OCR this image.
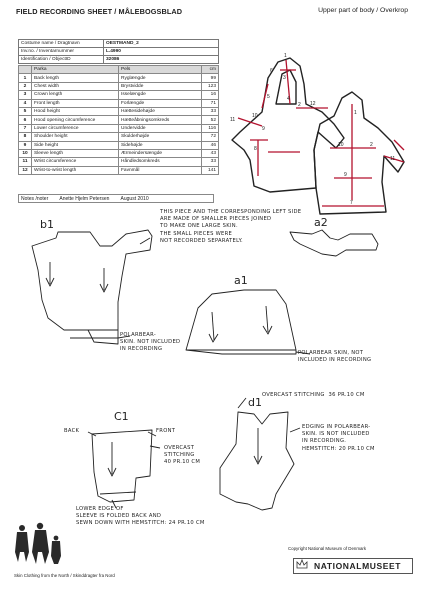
FIELD RECORDING SHEET / MÅLEBOGSBLAD	Upper part of body / Overkrop
Costume name / Dragtnavn	OESTMAND_2
Inv.no. / Inventarnummer	L.4990
Identification / ObjectID	32086
	Parka	Pels	cm
1	Back length	Ryglængde	99
2	Chest width	Brystvidde	123
3	Crown length	Isselængde	16
4	Front length	Forlængde	71
5	Hood height	Hættesidehøjde	33
6	Hood opening circumference	Hætteåbningsomkreds	52
7	Lower circumference	Undervidde	116
8	Shoulder height	Skulderhøjde	72
9	Side height	Sidehøjde	46
10	Sleeve length	Ærmeindersængde	43
11	Wrist circumference	Håndledsomkreds	33
12	Wrist-to-wrist length	Favnmål	141
Notes /noter Anette Hjelm Petersen August 2010
1
3
5
6
4
2 12
10
11
9
8
1
10	2
11
9
7
b1	a2
a1
C1
d1
THIS PIECE AND THE CORRESPONDING LEFT SIDE
ARE MADE OF SMALLER PIECES JOINED
TO MAKE ONE LARGE SKIN.
THE SMALL PIECES WERE
NOT RECORDED SEPARATELY.
POLARBEAR-
SKIN. NOT INCLUDED
IN RECORDING
POLARBEAR SKIN, NOT
INCLUDED IN RECORDING
OVERCAST STITCHING  36 PR.10 CM
EDGING IN POLARBEAR-
SKIN. IS NOT INCLUDED
IN RECORDING.
HEMSTITCH: 20 PR.10 CM
BACK	FRONT
OVERCAST
STITCHING
40 PR.10 CM
LOWER EDGE OF
SLEEVE IS FOLDED BACK AND
SEWN DOWN WITH HEMSTITCH: 24 PR.10 CM
Skin Clothing from the North / Skinddragter fra Nord
Copyright National Museum of Denmark
NATIONALMUSEET
